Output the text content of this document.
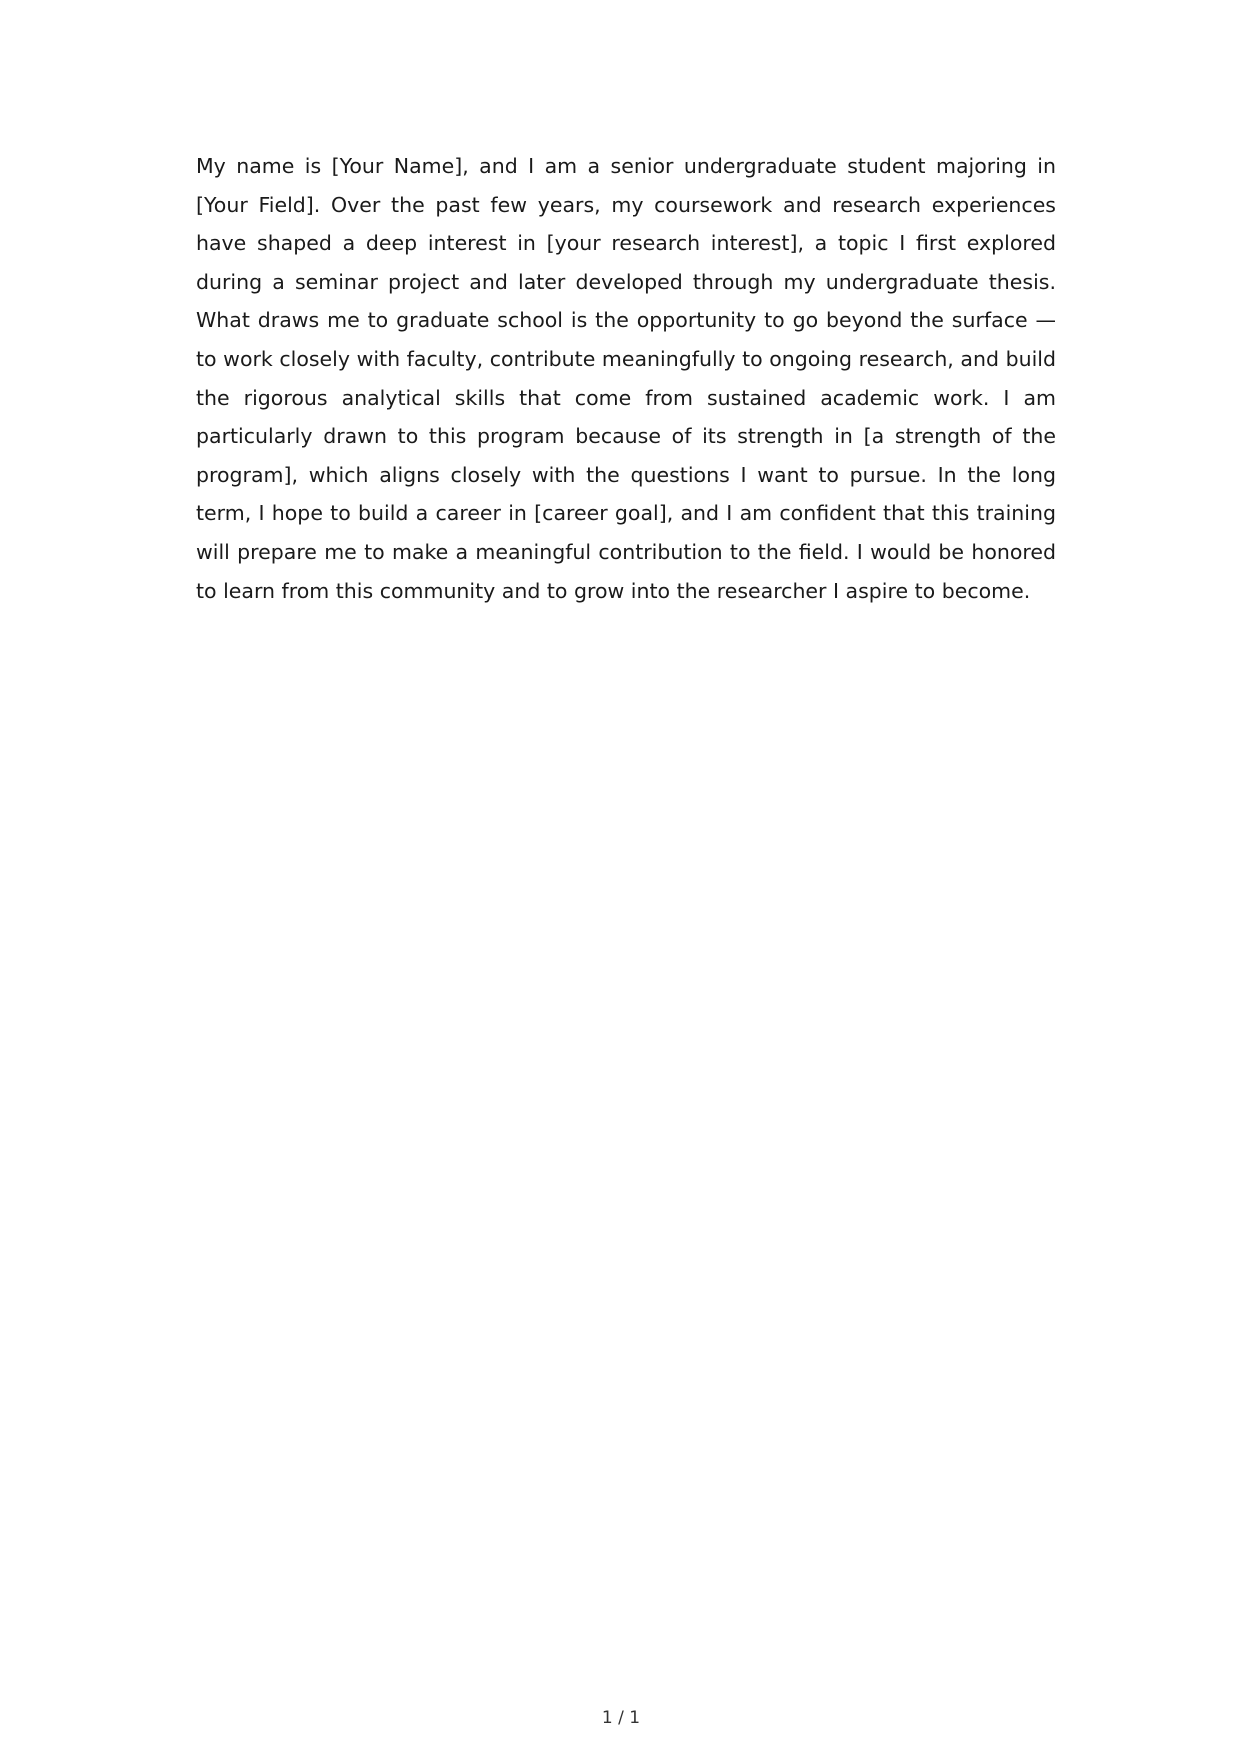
My name is [Your Name], and I am a senior undergraduate student majoring in [Your Field]. Over the past few years, my coursework and research experiences have shaped a deep interest in [your research interest], a topic I first explored during a seminar project and later developed through my undergraduate thesis. What draws me to graduate school is the opportunity to go beyond the surface — to work closely with faculty, contribute meaningfully to ongoing research, and build the rigorous analytical skills that come from sustained academic work. I am particularly drawn to this program because of its strength in [a strength of the program], which aligns closely with the questions I want to pursue. In the long term, I hope to build a career in [career goal], and I am confident that this training will prepare me to make a meaningful contribution to the field. I would be honored to learn from this community and to grow into the researcher I aspire to become.

1 / 1
